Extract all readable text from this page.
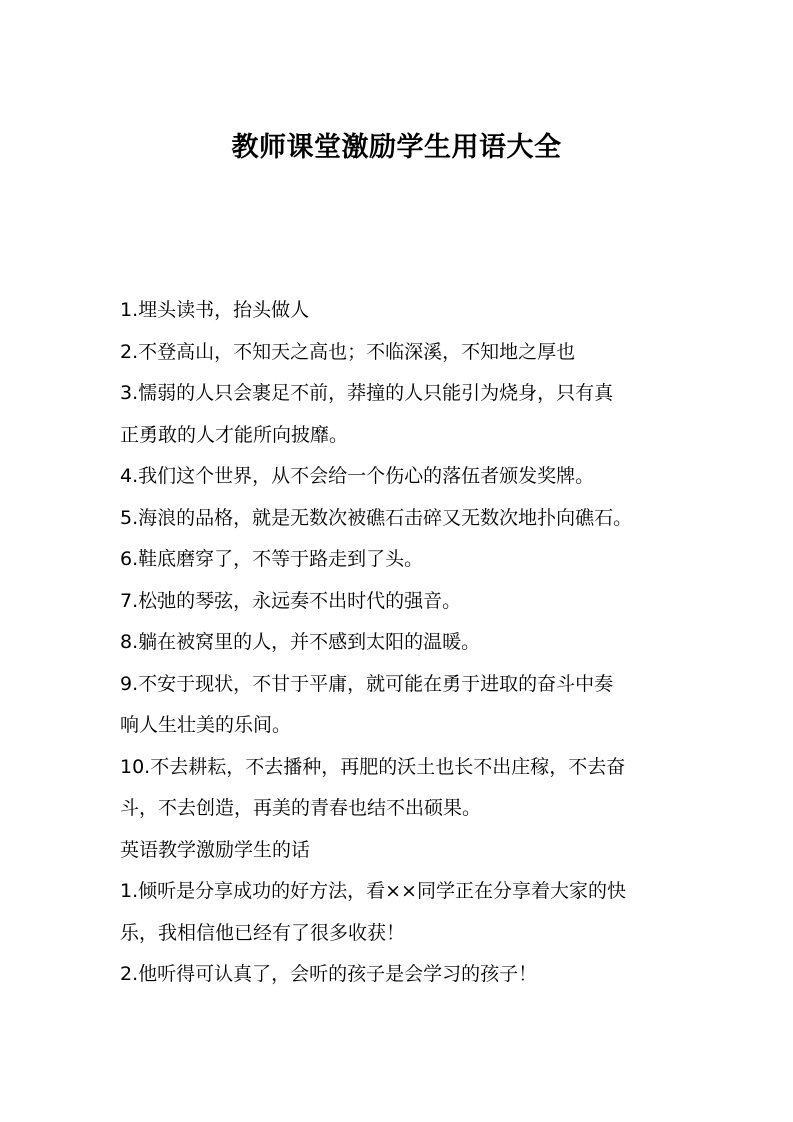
教师课堂激励学生用语大全
1.埋头读书，抬头做人
2.不登高山，不知天之高也；不临深溪，不知地之厚也
3.懦弱的人只会裹足不前，莽撞的人只能引为烧身，只有真
正勇敢的人才能所向披靡。
4.我们这个世界，从不会给一个伤心的落伍者颁发奖牌。
5.海浪的品格，就是无数次被礁石击碎又无数次地扑向礁石。
6.鞋底磨穿了，不等于路走到了头。
7.松弛的琴弦，永远奏不出时代的强音。
8.躺在被窝里的人，并不感到太阳的温暖。
9.不安于现状，不甘于平庸，就可能在勇于进取的奋斗中奏
响人生壮美的乐间。
10.不去耕耘，不去播种，再肥的沃土也长不出庄稼，不去奋
斗，不去创造，再美的青春也结不出硕果。
英语教学激励学生的话
1.倾听是分享成功的好方法，看××同学正在分享着大家的快
乐，我相信他已经有了很多收获！
2.他听得可认真了，会听的孩子是会学习的孩子！
